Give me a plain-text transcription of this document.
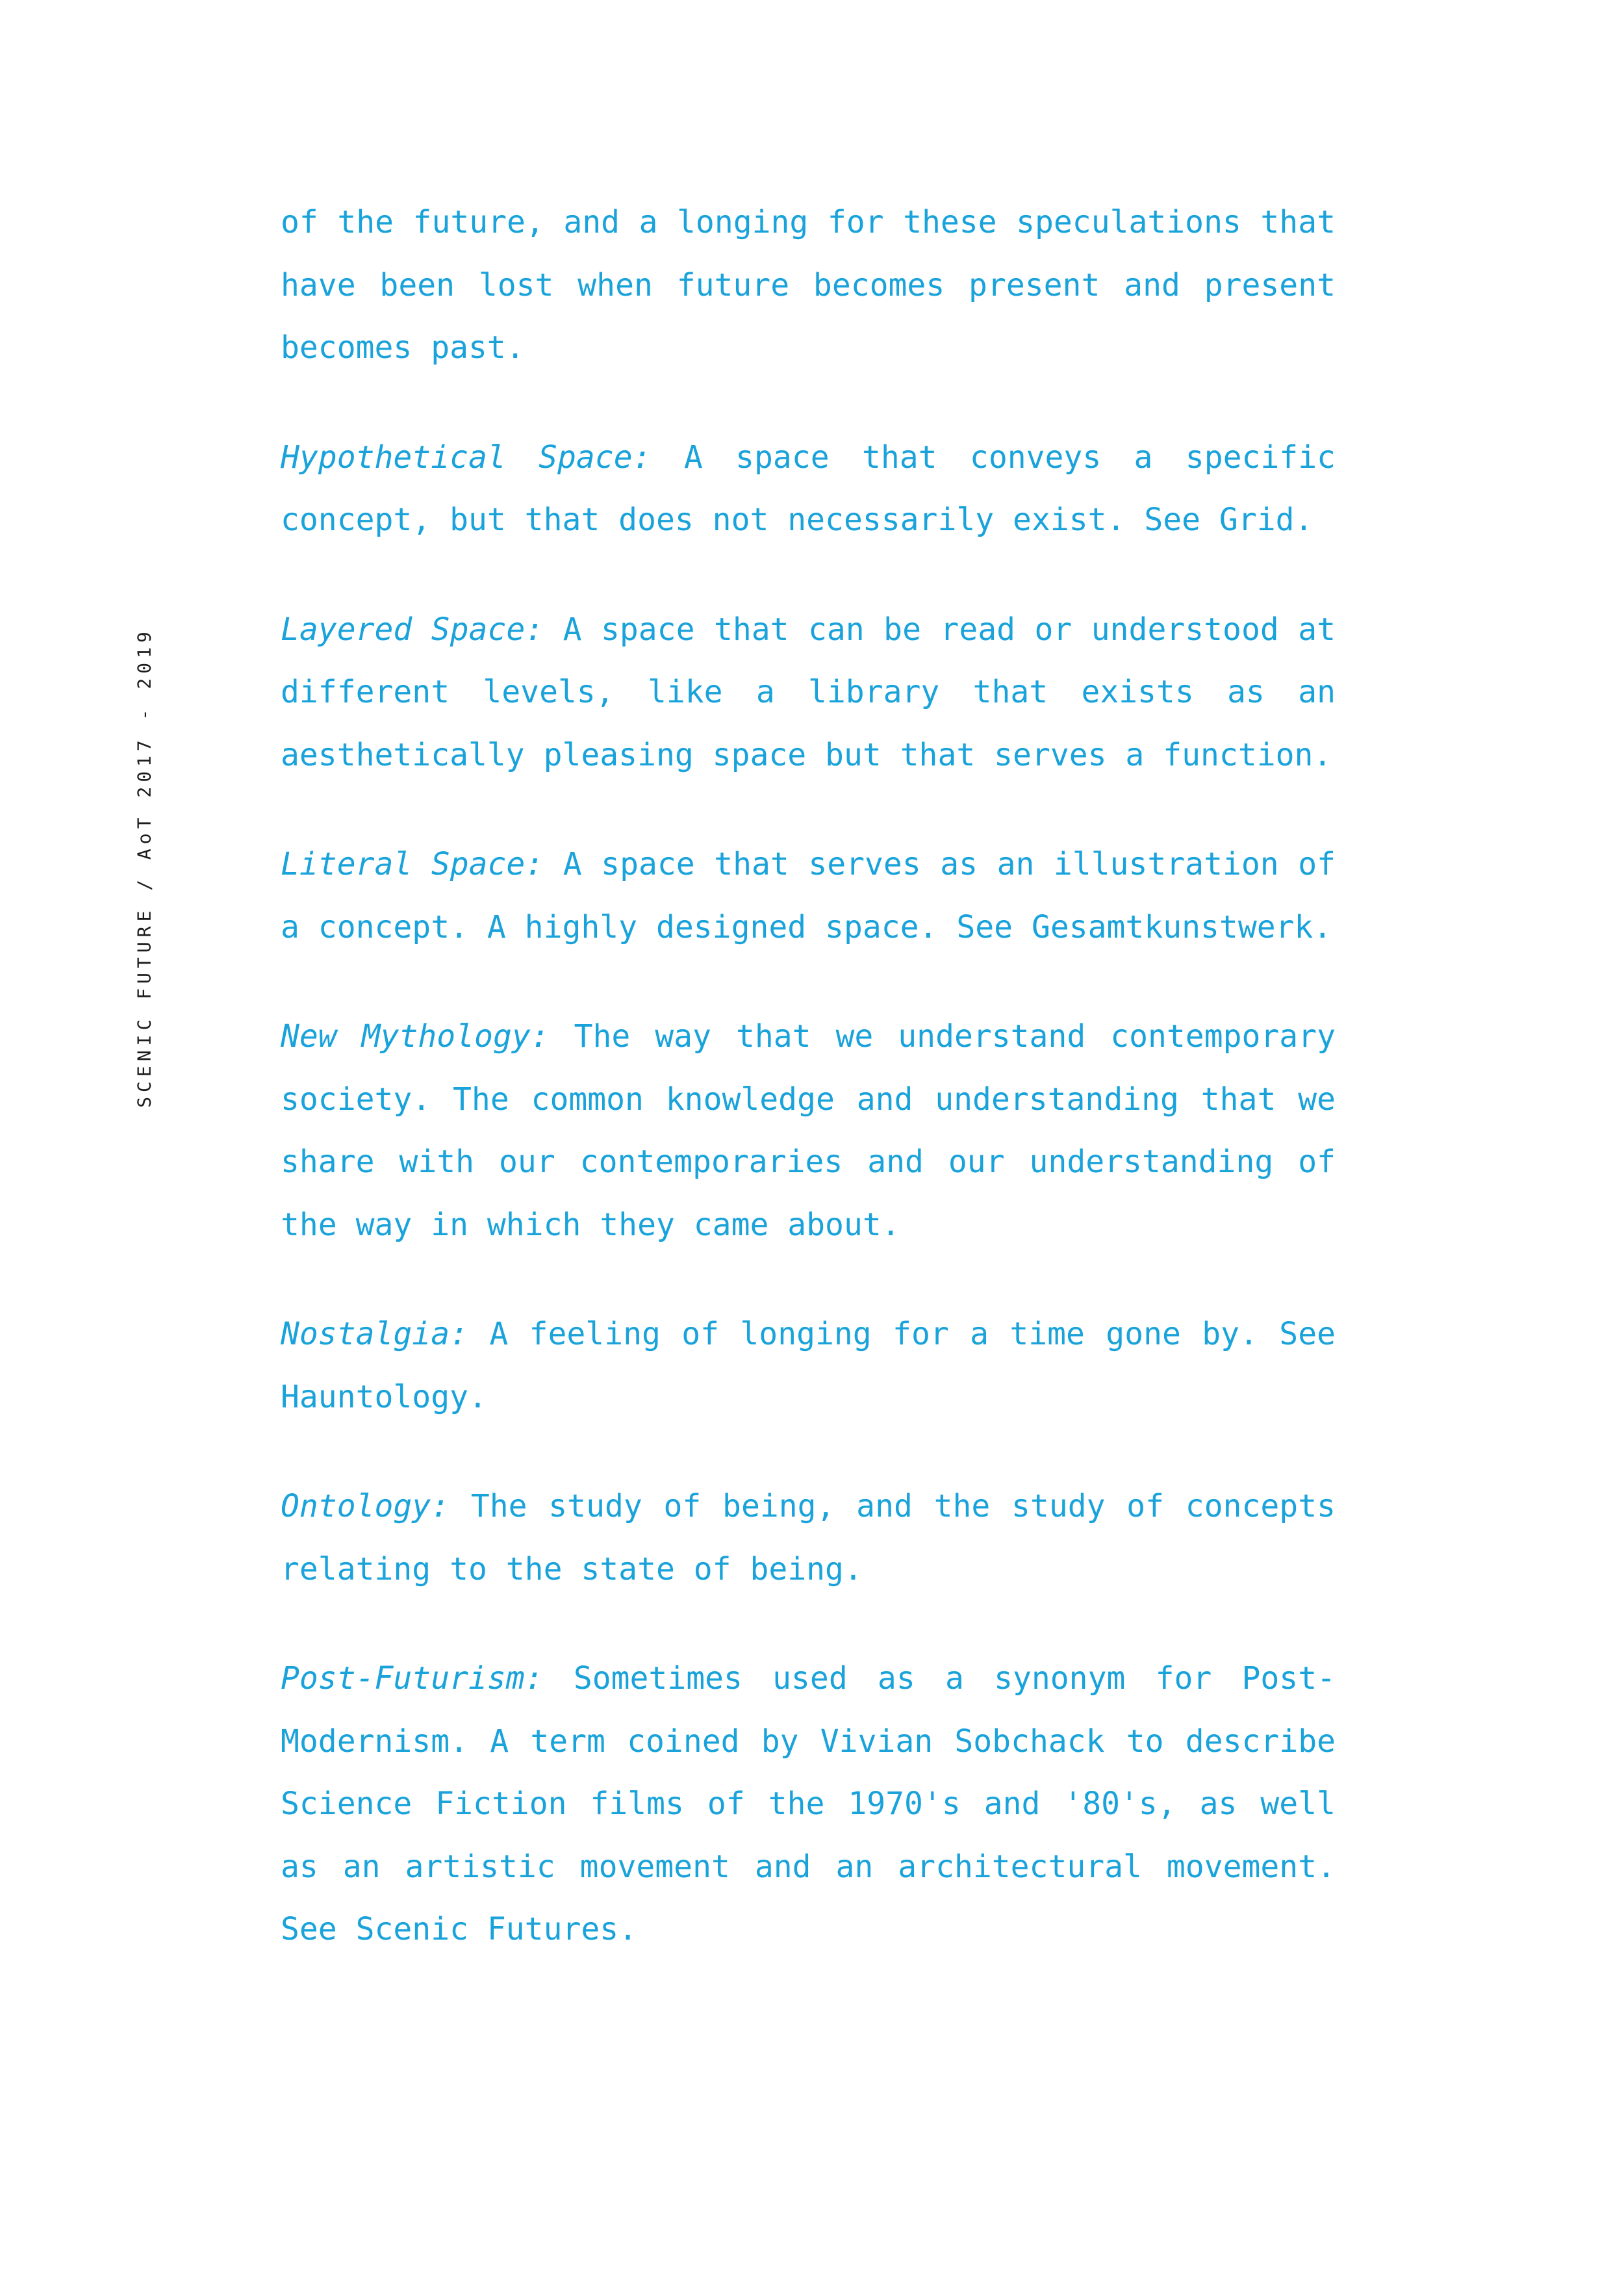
SCENIC FUTURE / AoT 2017 - 2019

of the future, and a longing for these speculations that have been lost when future becomes present and present becomes past.

Hypothetical Space: A space that conveys a specific concept, but that does not necessarily exist. See Grid.

Layered Space: A space that can be read or understood at different levels, like a library that exists as an aesthetically pleasing space but that serves a function.

Literal Space: A space that serves as an illustration of a concept. A highly designed space. See Gesamtkunstwerk.

New Mythology: The way that we understand contemporary society. The common knowledge and understanding that we share with our contemporaries and our understanding of the way in which they came about.

Nostalgia: A feeling of longing for a time gone by. See Hauntology.

Ontology: The study of being, and the study of concepts relating to the state of being.

Post-Futurism: Sometimes used as a synonym for Post-Modernism. A term coined by Vivian Sobchack to describe Science Fiction films of the 1970's and '80's, as well as an artistic movement and an architectural movement. See Scenic Futures.
